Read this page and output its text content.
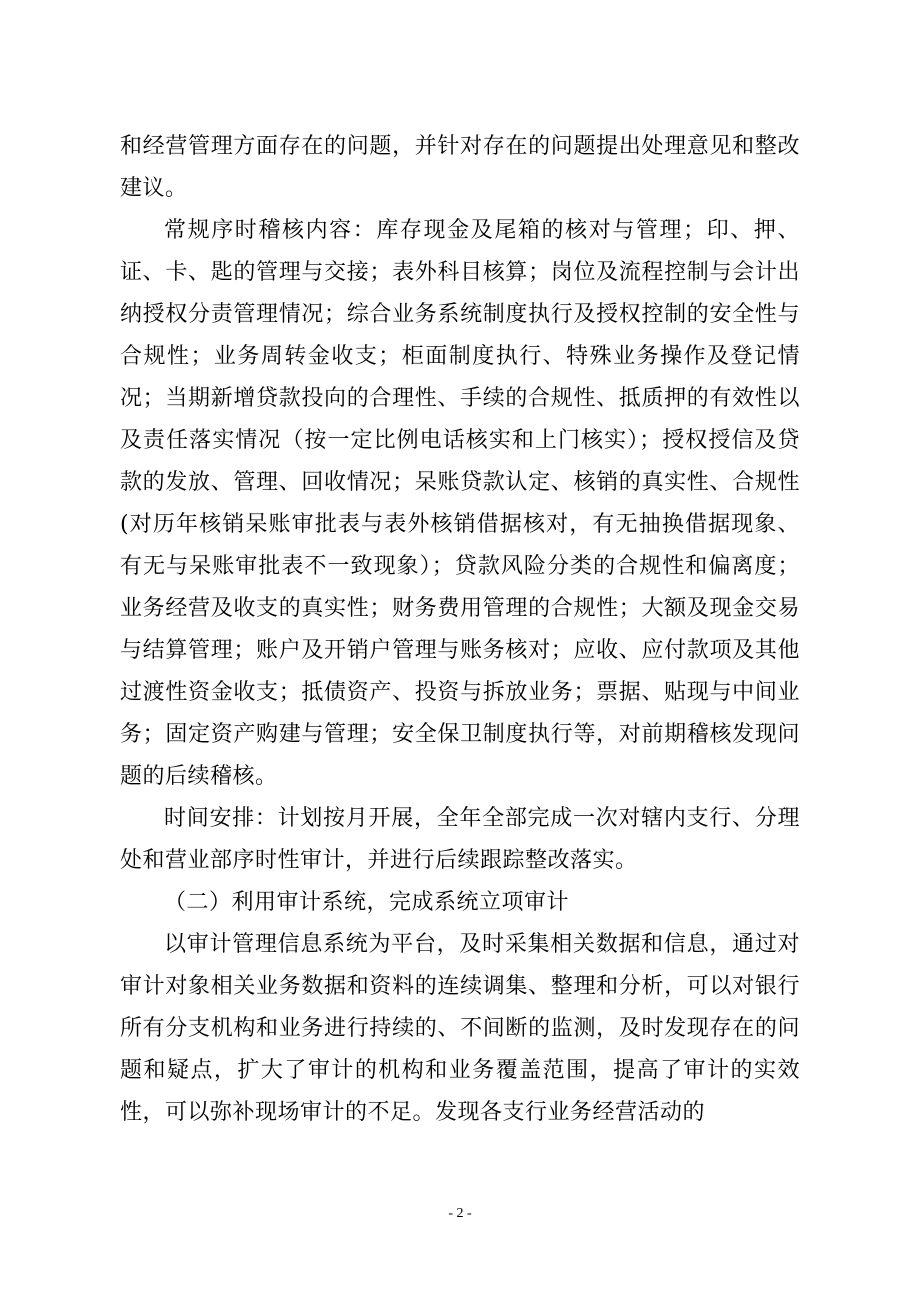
和经营管理方面存在的问题，并针对存在的问题提出处理意见和整改建议。

常规序时稽核内容：库存现金及尾箱的核对与管理；印、押、证、卡、匙的管理与交接；表外科目核算；岗位及流程控制与会计出纳授权分责管理情况；综合业务系统制度执行及授权控制的安全性与合规性；业务周转金收支；柜面制度执行、特殊业务操作及登记情况；当期新增贷款投向的合理性、手续的合规性、抵质押的有效性以及责任落实情况（按一定比例电话核实和上门核实）；授权授信及贷款的发放、管理、回收情况；呆账贷款认定、核销的真实性、合规性(对历年核销呆账审批表与表外核销借据核对，有无抽换借据现象、有无与呆账审批表不一致现象）；贷款风险分类的合规性和偏离度；业务经营及收支的真实性；财务费用管理的合规性；大额及现金交易与结算管理；账户及开销户管理与账务核对；应收、应付款项及其他过渡性资金收支；抵债资产、投资与拆放业务；票据、贴现与中间业务；固定资产购建与管理；安全保卫制度执行等，对前期稽核发现问题的后续稽核。

时间安排：计划按月开展，全年全部完成一次对辖内支行、分理处和营业部序时性审计，并进行后续跟踪整改落实。

（二）利用审计系统，完成系统立项审计

以审计管理信息系统为平台，及时采集相关数据和信息，通过对审计对象相关业务数据和资料的连续调集、整理和分析，可以对银行所有分支机构和业务进行持续的、不间断的监测，及时发现存在的问题和疑点，扩大了审计的机构和业务覆盖范围，提高了审计的实效性，可以弥补现场审计的不足。发现各支行业务经营活动的

- 2 -
